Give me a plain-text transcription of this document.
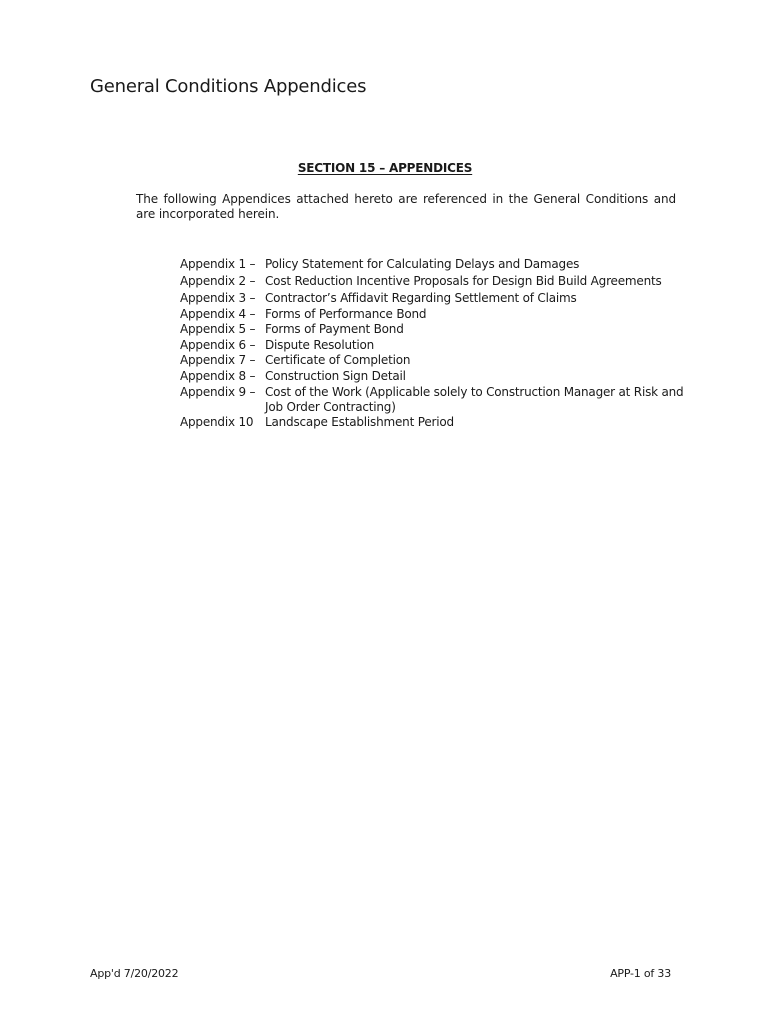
General Conditions Appendices
SECTION 15 – APPENDICES

The following Appendices attached hereto are referenced in the General Conditions and are incorporated herein.

Appendix 1 – Policy Statement for Calculating Delays and Damages
Appendix 2 – Cost Reduction Incentive Proposals for Design Bid Build Agreements
Appendix 3 – Contractor’s Affidavit Regarding Settlement of Claims
Appendix 4 – Forms of Performance Bond
Appendix 5 – Forms of Payment Bond
Appendix 6 – Dispute Resolution
Appendix 7 – Certificate of Completion
Appendix 8 – Construction Sign Detail
Appendix 9 – Cost of the Work (Applicable solely to Construction Manager at Risk and Job Order Contracting)
Appendix 10 Landscape Establishment Period
App'd 7/20/2022	APP-1 of 33
